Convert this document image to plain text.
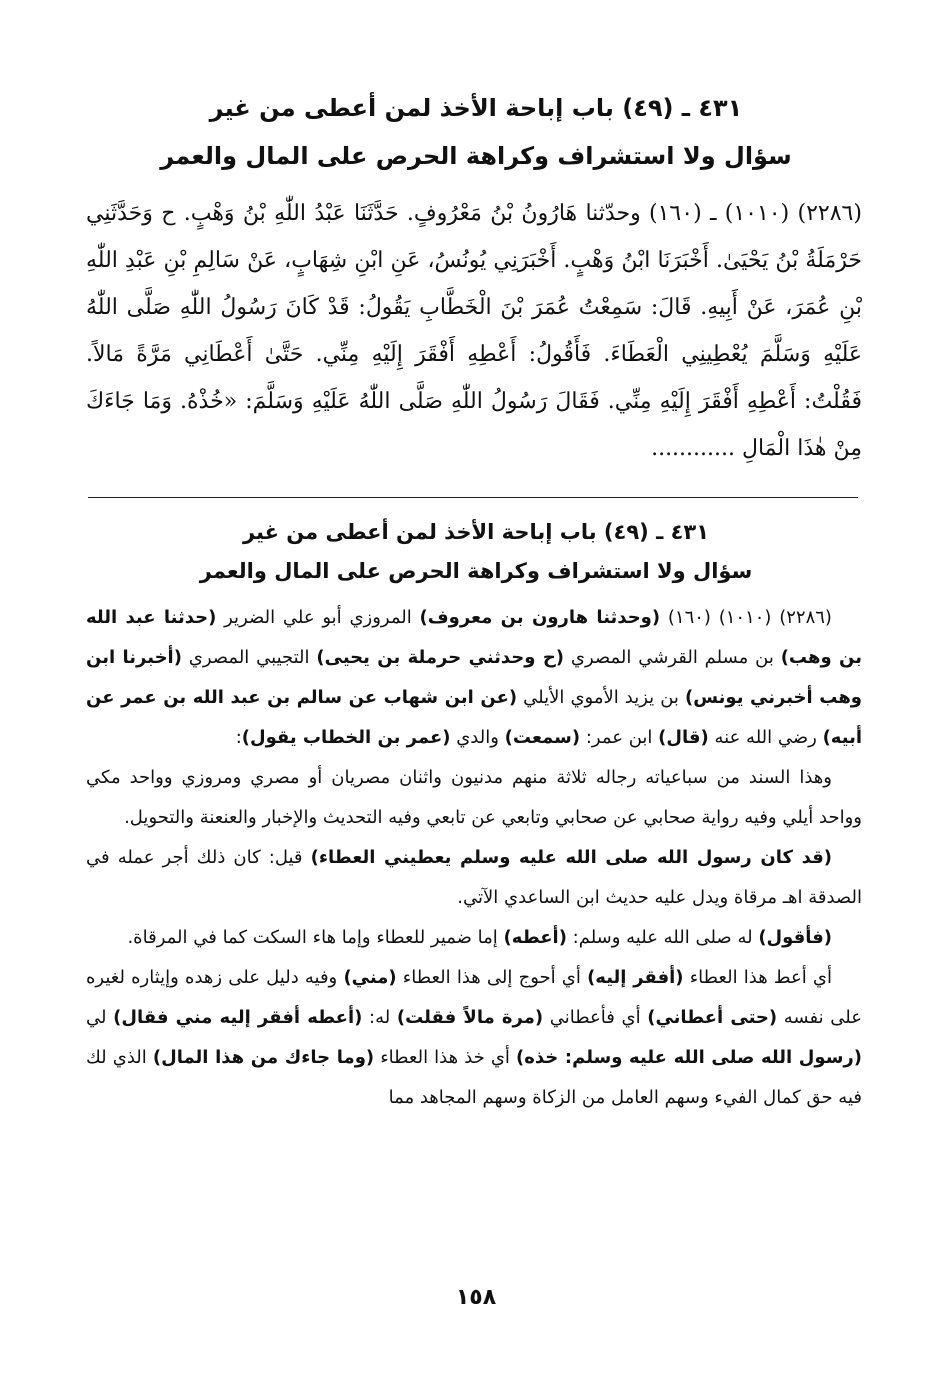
٤٣١ ـ (٤٩) باب إباحة الأخذ لمن أعطى من غير
سؤال ولا استشراف وكراهة الحرص على المال والعمر
(٢٢٨٦) (١٠١٠) ـ (١٦٠) وحدّثنا هَارُونُ بْنُ مَعْرُوفٍ. حَدَّثَنَا عَبْدُ اللّٰهِ بْنُ وَهْبٍ. ح وَحَدَّثَنِي حَرْمَلَةُ بْنُ يَحْيَىٰ. أَخْبَرَنَا ابْنُ وَهْبٍ. أَخْبَرَنِي يُونُسُ، عَنِ ابْنِ شِهَابٍ، عَنْ سَالِمِ بْنِ عَبْدِ اللّٰهِ بْنِ عُمَرَ، عَنْ أَبِيهِ. قَالَ: سَمِعْتُ عُمَرَ بْنَ الْخَطَّابِ يَقُولُ: قَدْ كَانَ رَسُولُ اللّٰهِ صَلَّى اللّٰهُ عَلَيْهِ وَسَلَّمَ يُعْطِينِي الْعَطَاءَ. فَأَقُولُ: أَعْطِهِ أَفْقَرَ إِلَيْهِ مِنِّي. حَتَّىٰ أَعْطَانِي مَرَّةً مَالاً. فَقُلْتُ: أَعْطِهِ أَفْقَرَ إِلَيْهِ مِنِّي. فَقَالَ رَسُولُ اللّٰهِ صَلَّى اللّٰهُ عَلَيْهِ وَسَلَّمَ: «خُذْهُ. وَمَا جَاءَكَ مِنْ هٰذَا الْمَالِ ............
٤٣١ ـ (٤٩) باب إباحة الأخذ لمن أعطى من غير
سؤال ولا استشراف وكراهة الحرص على المال والعمر

(٢٢٨٦) (١٠١٠) (١٦٠) (وحدثنا هارون بن معروف) المروزي أبو علي الضرير (حدثنا عبد الله بن وهب) بن مسلم القرشي المصري (ح وحدثني حرملة بن يحيى) التجيبي المصري (أخبرنا ابن وهب أخبرني يونس) بن يزيد الأموي الأيلي (عن ابن شهاب عن سالم بن عبد الله بن عمر عن أبيه) رضي الله عنه (قال) ابن عمر: (سمعت) والدي (عمر بن الخطاب يقول):

وهذا السند من سباعياته رجاله ثلاثة منهم مدنيون واثنان مصريان أو مصري ومروزي وواحد مكي وواحد أيلي وفيه رواية صحابي عن صحابي وتابعي عن تابعي وفيه التحديث والإخبار والعنعنة والتحويل.

(قد كان رسول الله صلى الله عليه وسلم يعطيني العطاء) قيل: كان ذلك أجر عمله في الصدقة اهـ مرقاة ويدل عليه حديث ابن الساعدي الآتي.

(فأقول) له صلى الله عليه وسلم: (أعطه) إما ضمير للعطاء وإما هاء السكت كما في المرقاة.

أي أعط هذا العطاء (أفقر إليه) أي أحوج إلى هذا العطاء (مني) وفيه دليل على زهده وإيثاره لغيره على نفسه (حتى أعطاني) أي فأعطاني (مرة مالاً فقلت) له: (أعطه أفقر إليه مني فقال) لي (رسول الله صلى الله عليه وسلم: خذه) أي خذ هذا العطاء (وما جاءك من هذا المال) الذي لك فيه حق كمال الفيء وسهم العامل من الزكاة وسهم المجاهد مما

١٥٨
